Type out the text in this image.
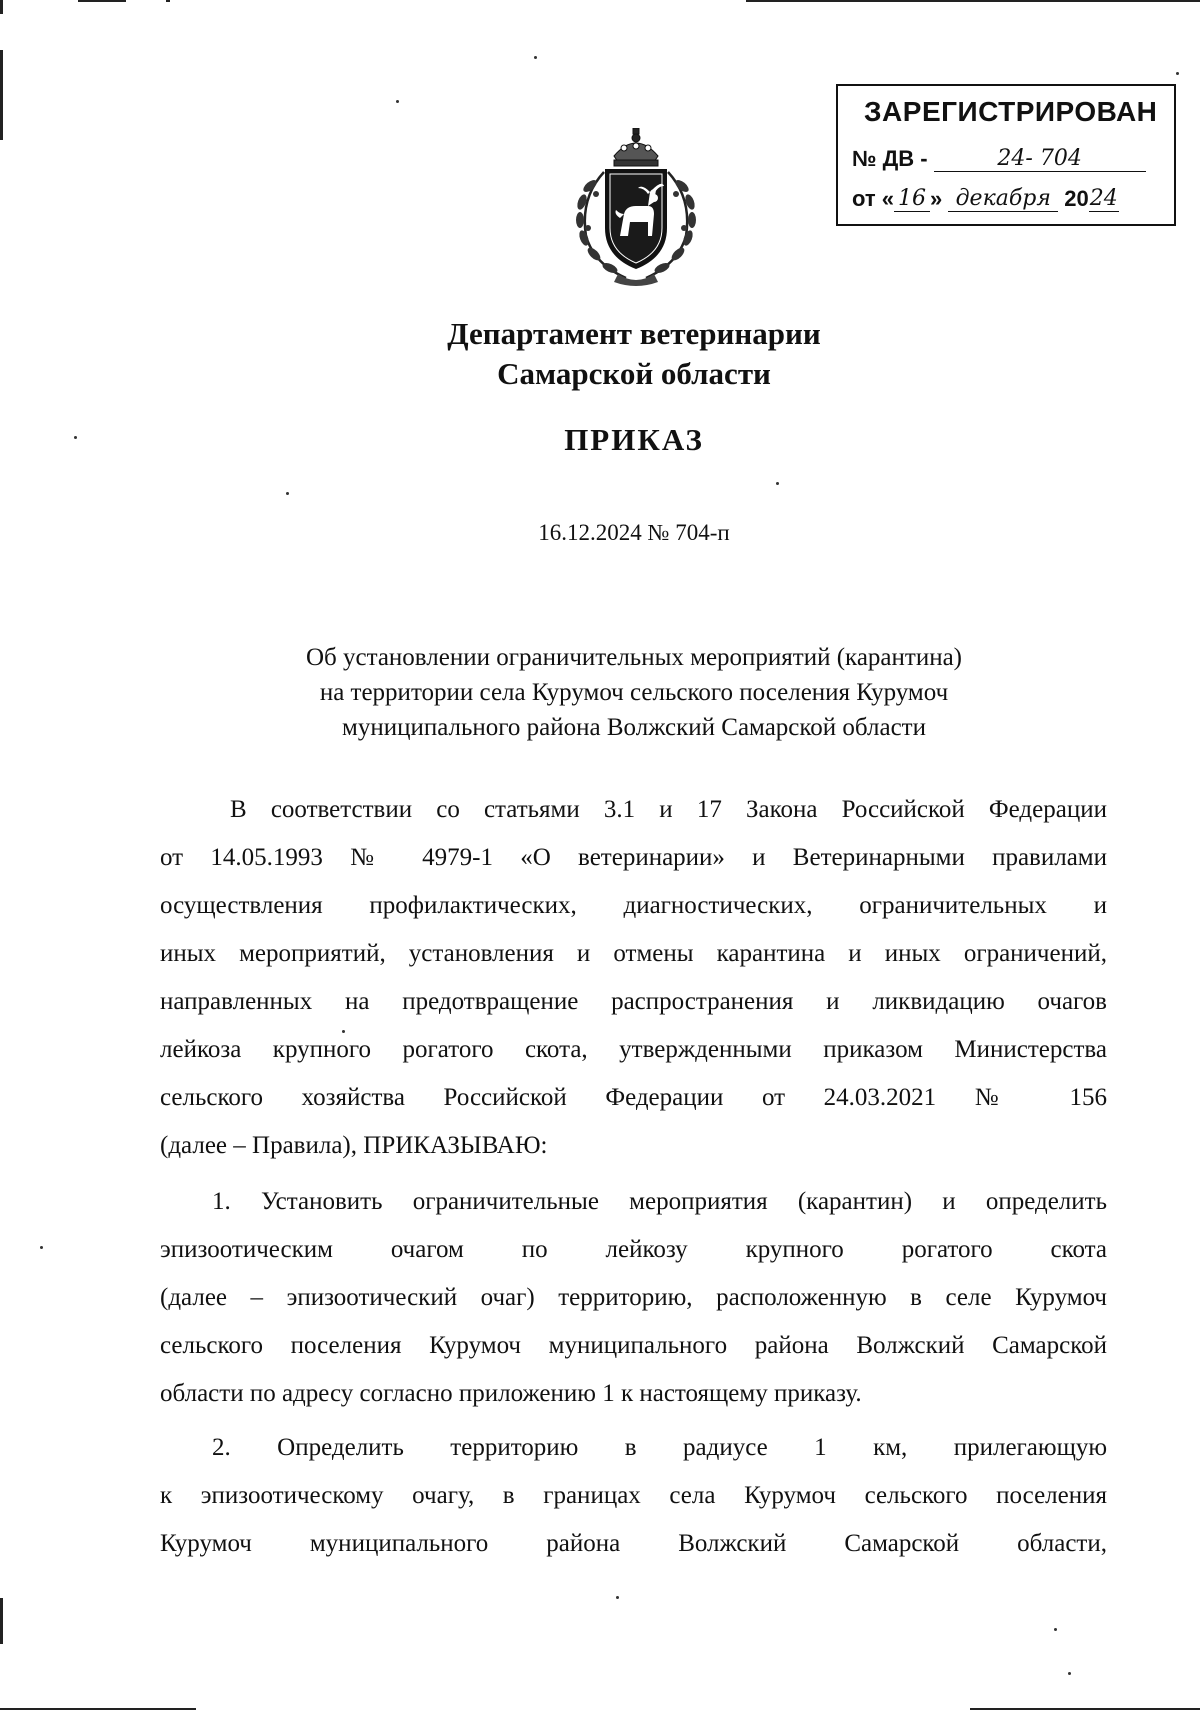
ЗАРЕГИСТРИРОВАН
№ ДВ -	24- 704
от « 16 » декабря 20 24
Департамент ветеринарии
Самарской области
ПРИКАЗ
16.12.2024 № 704-п
Об установлении ограничительных мероприятий (карантина)
на территории села Курумоч сельского поселения Курумоч
муниципального района Волжский Самарской области
В соответствии со статьями 3.1 и 17 Закона Российской Федерации
от 14.05.1993 № 4979-1 «О ветеринарии» и Ветеринарными правилами
осуществления профилактических, диагностических, ограничительных и
иных мероприятий, установления и отмены карантина и иных ограничений,
направленных на предотвращение распространения и ликвидацию очагов
лейкоза крупного рогатого скота, утвержденными приказом Министерства
сельского хозяйства Российской Федерации от 24.03.2021 № 156
(далее – Правила), ПРИКАЗЫВАЮ:
1. Установить ограничительные мероприятия (карантин) и определить
эпизоотическим очагом по лейкозу крупного рогатого скота
(далее – эпизоотический очаг) территорию, расположенную в селе Курумоч
сельского поселения Курумоч муниципального района Волжский Самарской
области по адресу согласно приложению 1 к настоящему приказу.
2. Определить территорию в радиусе 1 км, прилегающую
к эпизоотическому очагу, в границах села Курумоч сельского поселения
Курумоч муниципального района Волжский Самарской области,
